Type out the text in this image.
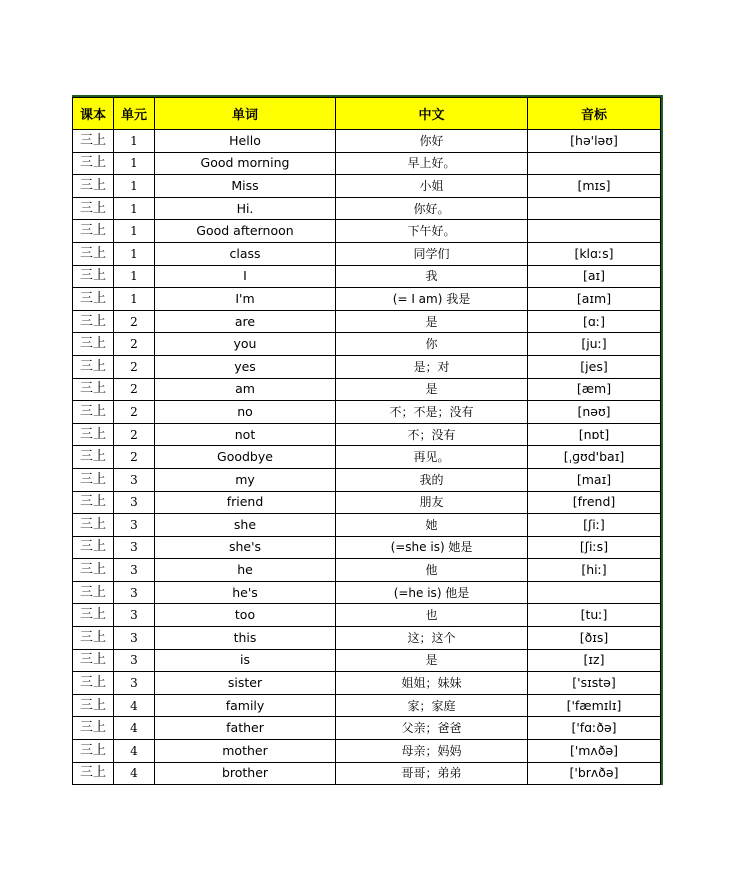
课本	单元	单词	中文	音标
三上	1	Hello	你好	[hə'ləʊ]
三上	1	Good morning	早上好。	
三上	1	Miss	小姐	[mɪs]
三上	1	Hi.	你好。	
三上	1	Good afternoon	下午好。	
三上	1	class	同学们	[klɑːs]
三上	1	I	我	[aɪ]
三上	1	I'm	(= I am) 我是	[aɪm]
三上	2	are	是	[ɑː]
三上	2	you	你	[juː]
三上	2	yes	是；对	[jes]
三上	2	am	是	[æm]
三上	2	no	不；不是；没有	[nəʊ]
三上	2	not	不；没有	[nɒt]
三上	2	Goodbye	再见。	[ˌɡʊd'baɪ]
三上	3	my	我的	[maɪ]
三上	3	friend	朋友	[frend]
三上	3	she	她	[ʃiː]
三上	3	she's	(=she is) 她是	[ʃiːs]
三上	3	he	他	[hiː]
三上	3	he's	(=he is) 他是	
三上	3	too	也	[tuː]
三上	3	this	这；这个	[ðɪs]
三上	3	is	是	[ɪz]
三上	3	sister	姐姐；妹妹	['sɪstə]
三上	4	family	家；家庭	['fæmɪlɪ]
三上	4	father	父亲；爸爸	['fɑːðə]
三上	4	mother	母亲；妈妈	['mʌðə]
三上	4	brother	哥哥；弟弟	['brʌðə]
